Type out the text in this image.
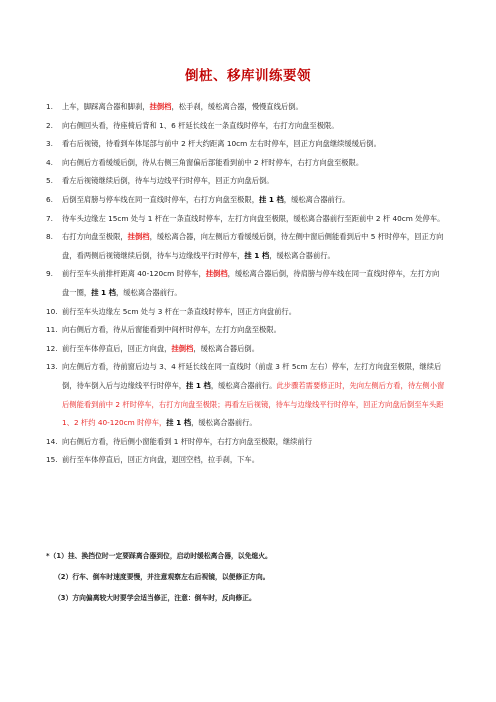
倒桩、移库训练要领
1.	上车，脚踩离合器和脚刹，挂倒档，松手刹，缓松离合器，慢慢直线后倒。
2.	向右侧回头看，待座椅后背和 1、6 杆延长线在一条直线时停车，右打方向盘至极限。
3.	看右后视镜，待看到车体尾部与前中 2 杆大约距离 10cm 左右时停车，回正方向盘继续缓缓后倒。
4.	向右侧后方看缓缓后倒，待从右侧三角窗偏后部能看到前中 2 杆时停车，右打方向盘至极限。
5.	看左后视镜继续后倒，待车与边线平行时停车，回正方向盘后倒。
6.	后倒至肩膀与停车线在同一直线时停车，右打方向盘至极限，挂 1 档，缓松离合器前行。
7.	待车头边缘左 15cm 处与 1 杆在一条直线时停车，左打方向盘至极限，缓松离合器前行至距前中 2 杆 40cm 处停车。
8.	右打方向盘至极限，挂倒档，缓松离合器，向左侧后方看缓缓后倒，待左侧中窗后侧能看到后中 5 杆时停车，回正方向盘，看两侧后视镜继续后倒，待车与边缘线平行时停车，挂 1 档，缓松离合器前行。
9.	前行至车头前排杆距离 40-120cm 时停车，挂倒档，缓松离合器后倒，待肩膀与停车线在同一直线时停车，左打方向盘一圈，挂 1 档，缓松离合器前行。
10. 前行至车头边缘左 5cm 处与 3 杆在一条直线时停车，回正方向盘前行。
11. 向右侧后方看，待从后窗能看到中间杆时停车，左打方向盘至极限。
12. 前行至车体停直后，回正方向盘，挂倒档，缓松离合器后倒。
13. 向左侧后方看，待前窗后边与 3、4 杆延长线在同一直线时（前虚 3 杆 5cm 左右）停车，左打方向盘至极限，继续后倒，待车倒入后与边缘线平行时停车，挂 1 档，缓松离合器前行。此步骤若需要修正时，先向左侧后方看，待左侧小窗后侧能看到前中 2 杆时停车，右打方向盘至极限；再看左后视镜，待车与边缘线平行时停车，回正方向盘后倒至车头距 1、2 杆约 40-120cm 时停车，挂 1 档，缓松离合器前行。
14. 向右侧后方看，待后侧小窗能看到 1 杆时停车，右打方向盘至极限，继续前行
15. 前行至车体停直后，回正方向盘，退回空档，拉手刹，下车。
*（1）挂、换挡位时一定要踩离合器到位，启动时缓松离合器，以免熄火。
（2）行车、倒车时速度要慢，并注意观察左右后视镜，以便修正方向。
（3）方向偏离较大时要学会适当修正，注意：倒车时，反向修正。
